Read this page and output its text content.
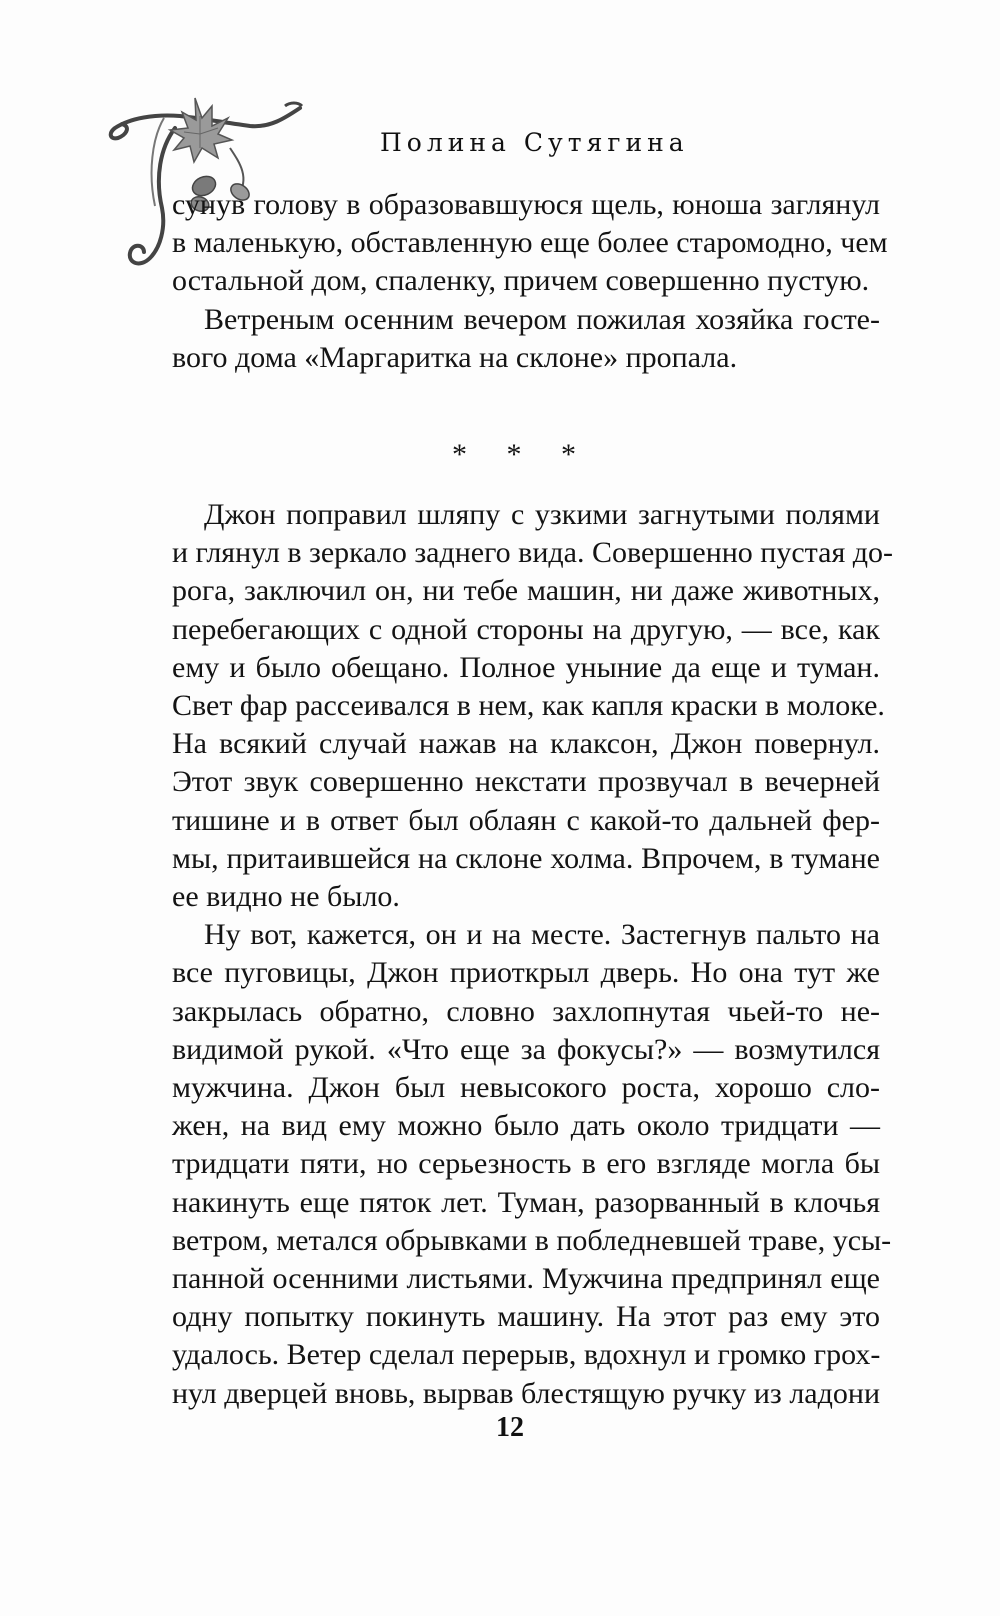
Полина Сутягина

сунув голову в образовавшуюся щель, юноша заглянул
в маленькую, обставленную еще более старомодно, чем
остальной дом, спаленку, причем совершенно пустую.

Ветреным осенним вечером пожилая хозяйка госте-
вого дома «Маргаритка на склоне» пропала.

* * *

Джон поправил шляпу с узкими загнутыми полями
и глянул в зеркало заднего вида. Совершенно пустая до-
рога, заключил он, ни тебе машин, ни даже животных,
перебегающих с одной стороны на другую, — все, как
ему и было обещано. Полное уныние да еще и туман.
Свет фар рассеивался в нем, как капля краски в молоке.
На всякий случай нажав на клаксон, Джон повернул.
Этот звук совершенно некстати прозвучал в вечерней
тишине и в ответ был облаян с какой-то дальней фер-
мы, притаившейся на склоне холма. Впрочем, в тумане
ее видно не было.

Ну вот, кажется, он и на месте. Застегнув пальто на
все пуговицы, Джон приоткрыл дверь. Но она тут же
закрылась обратно, словно захлопнутая чьей-то не-
видимой рукой. «Что еще за фокусы?» — возмутился
мужчина. Джон был невысокого роста, хорошо сло-
жен, на вид ему можно было дать около тридцати —
тридцати пяти, но серьезность в его взгляде могла бы
накинуть еще пяток лет. Туман, разорванный в клочья
ветром, метался обрывками в побледневшей траве, усы-
панной осенними листьями. Мужчина предпринял еще
одну попытку покинуть машину. На этот раз ему это
удалось. Ветер сделал перерыв, вдохнул и громко грох-
нул дверцей вновь, вырвав блестящую ручку из ладони

12
